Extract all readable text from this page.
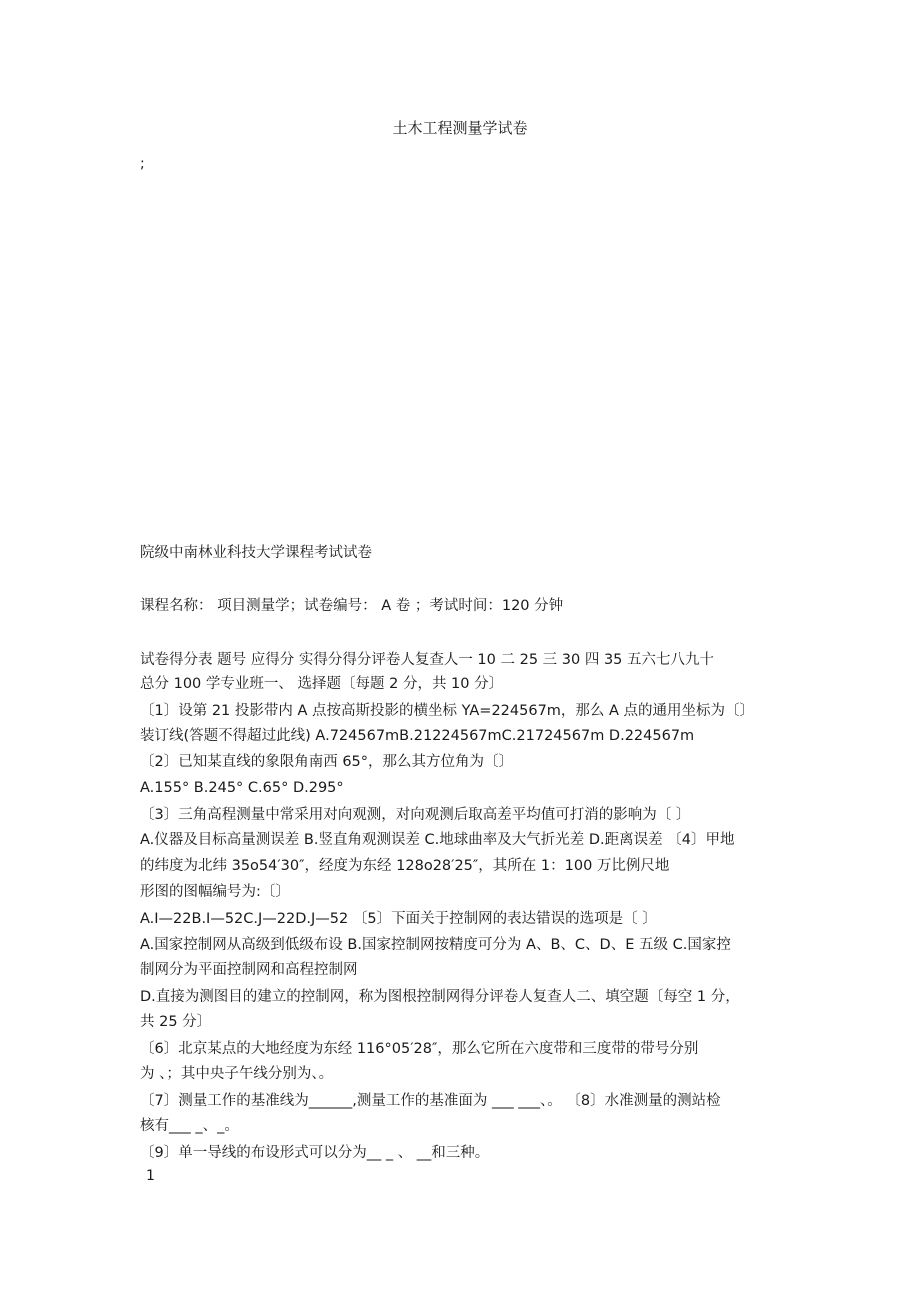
土木工程测量学试卷
;
院级中南林业科技大学课程考试试卷
课程名称： 项目测量学；试卷编号： A 卷 ；考试时间：120 分钟
试卷得分表 题号 应得分 实得分得分评卷人复查人一 10 二 25 三 30 四 35 五六七八九十
总分 100 学专业班一、 选择题〔每题 2 分，共 10 分〕
〔1〕设第 21 投影带内 A 点按高斯投影的横坐标 YA=224567m，那么 A 点的通用坐标为〔〕
装订线(答题不得超过此线) A.724567mB.21224567mC.21724567m D.224567m
〔2〕已知某直线的象限角南西 65°，那么其方位角为〔〕
A.155° B.245° C.65° D.295°
〔3〕三角高程测量中常采用对向观测，对向观测后取高差平均值可打消的影响为〔 〕
A.仪器及目标高量测误差 B.竖直角观测误差 C.地球曲率及大气折光差 D.距离误差 〔4〕甲地
的纬度为北纬 35o54′30″，经度为东经 128o28′25″，其所在 1：100 万比例尺地
形图的图幅编号为:〔〕
A.I—22B.I—52C.J—22D.J—52 〔5〕下面关于控制网的表达错误的选项是〔 〕
A.国家控制网从高级到低级布设 B.国家控制网按精度可分为 A、B、C、D、E 五级 C.国家控
制网分为平面控制网和高程控制网
D.直接为测图目的建立的控制网，称为图根控制网得分评卷人复查人二、填空题〔每空 1 分，
共 25 分〕
〔6〕北京某点的大地经度为东经 116°05′28″，那么它所在六度带和三度带的带号分别
为 、；其中央子午线分别为、。
〔7〕测量工作的基准线为______,测量工作的基准面为 ___ ___、。 〔8〕水准测量的测站检
核有___ _、_。
〔9〕单一导线的布设形式可以分为__ _ 、 __和三种。
1
